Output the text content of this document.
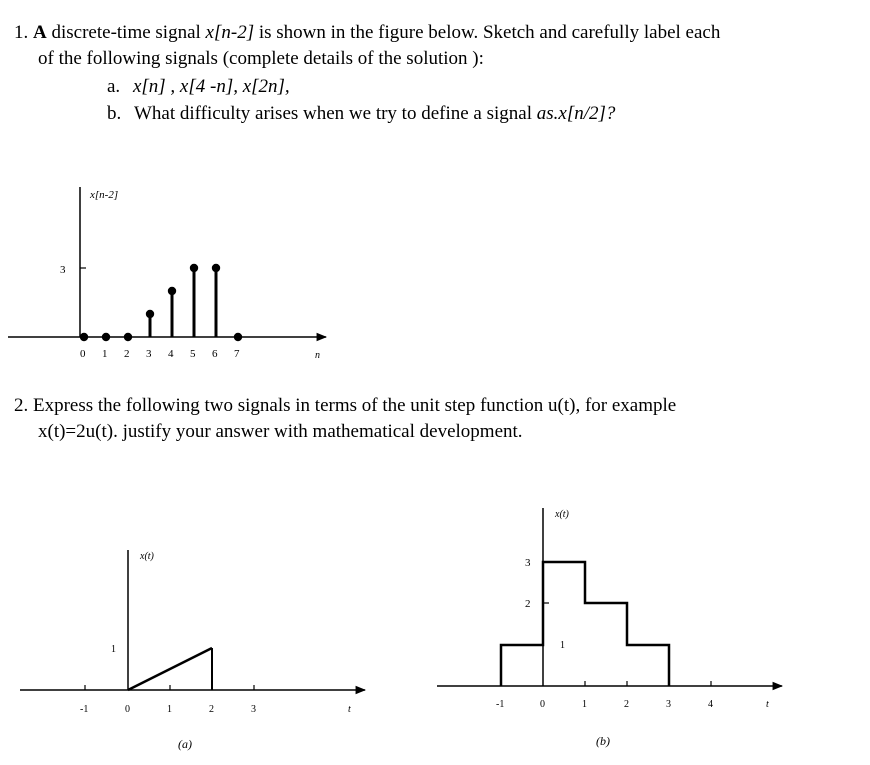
1. A discrete-time signal x[n-2] is shown in the figure below. Sketch and carefully label each
of the following signals (complete details of the solution ):
a. x[n] , x[4 -n], x[2n],
b. What difficulty arises when we try to define a signal as.x[n/2]?
2. Express the following two signals in terms of the unit step function u(t), for example
x(t)=2u(t). justify your answer with mathematical development.
x[n-2]
3
n
0 1 2 3 4 5 6 7
x(t)
1
-1	0	1	2	3	t
(a)
x(t)
3
2
1
-1	0	1	2	3	4	t
(b)
